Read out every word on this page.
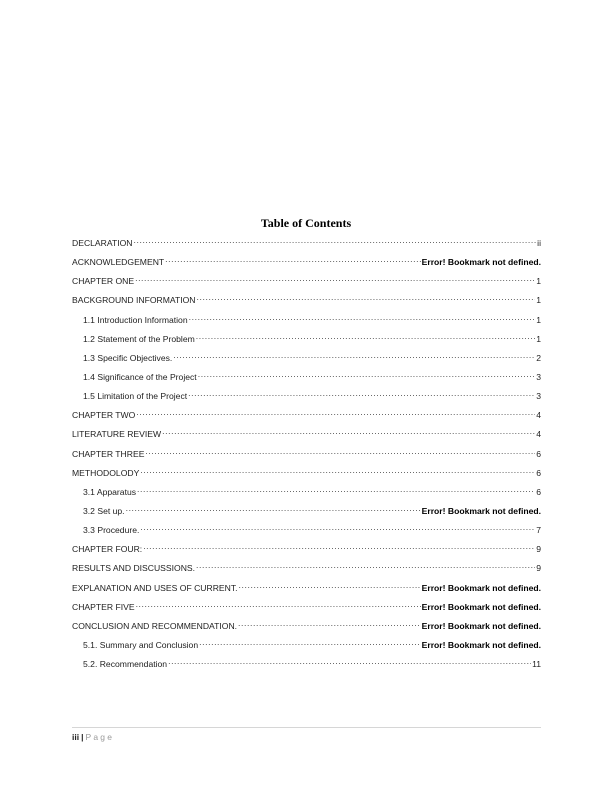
Table of Contents
DECLARATION .....	ii
ACKNOWLEDGEMENT .....	Error! Bookmark not defined.
CHAPTER ONE .....	1
BACKGROUND INFORMATION .....	1
1.1 Introduction Information .....	1
1.2 Statement of the Problem .....	1
1.3 Specific Objectives. .....	2
1.4 Significance of the Project .....	3
1.5 Limitation of the Project .....	3
CHAPTER TWO .....	4
LITERATURE REVIEW .....	4
CHAPTER THREE .....	6
METHODOLODY .....	6
3.1 Apparatus .....	6
3.2 Set up. .....	Error! Bookmark not defined.
3.3 Procedure. .....	7
CHAPTER FOUR: .....	9
RESULTS AND DISCUSSIONS. .....	9
EXPLANATION AND USES OF CURRENT. .....	Error! Bookmark not defined.
CHAPTER FIVE .....	Error! Bookmark not defined.
CONCLUSION AND RECOMMENDATION. .....	Error! Bookmark not defined.
5.1. Summary and Conclusion .....	Error! Bookmark not defined.
5.2. Recommendation .....	11
iii | Page
